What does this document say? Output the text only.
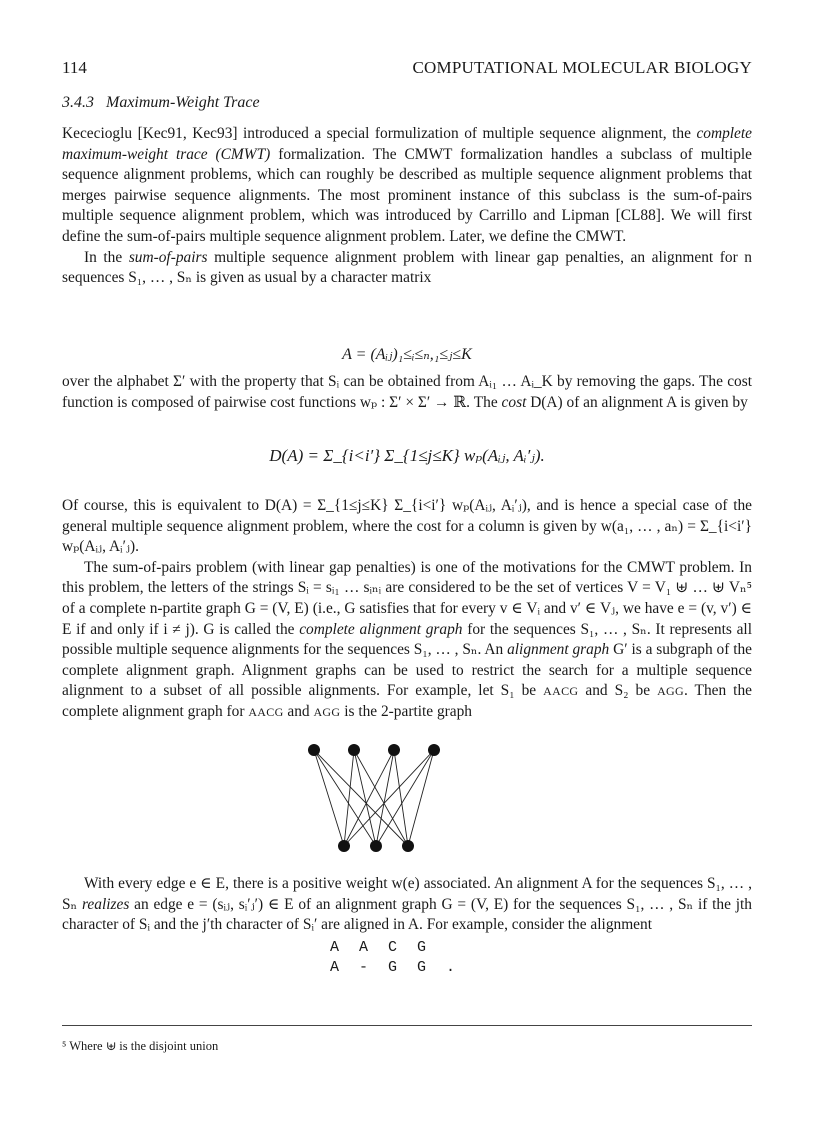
114	COMPUTATIONAL MOLECULAR BIOLOGY
3.4.3 Maximum-Weight Trace

Kececioglu [Kec91, Kec93] introduced a special formulization of multiple sequence alignment, the complete maximum-weight trace (CMWT) formalization. The CMWT formalization handles a subclass of multiple sequence alignment problems, which can roughly be described as multiple sequence alignment problems that merges pairwise sequence alignments. The most prominent instance of this subclass is the sum-of-pairs multiple sequence alignment problem, which was introduced by Carrillo and Lipman [CL88]. We will first define the sum-of-pairs multiple sequence alignment problem. Later, we define the CMWT.

In the sum-of-pairs multiple sequence alignment problem with linear gap penalties, an alignment for n sequences S₁, … , Sₙ is given as usual by a character matrix

A = (Aᵢⱼ)₁≤ᵢ≤ₙ,₁≤ⱼ≤K

over the alphabet Σ′ with the property that Sᵢ can be obtained from Aᵢ₁ … Aᵢ_K by removing the gaps. The cost function is composed of pairwise cost functions wₚ : Σ′ × Σ′ → ℝ. The cost D(A) of an alignment A is given by

D(A) = Σ_{i<i′} Σ_{1≤j≤K} wₚ(Aᵢⱼ, Aᵢ′ⱼ).

Of course, this is equivalent to D(A) = Σ_{1≤j≤K} Σ_{i<i′} wₚ(Aᵢⱼ, Aᵢ′ⱼ), and is hence a special case of the general multiple sequence alignment problem, where the cost for a column is given by w(a₁, … , aₙ) = Σ_{i<i′} wₚ(Aᵢⱼ, Aᵢ′ⱼ).

The sum-of-pairs problem (with linear gap penalties) is one of the motivations for the CMWT problem. In this problem, the letters of the strings Sᵢ = sᵢ₁ … sᵢₙᵢ are considered to be the set of vertices V = V₁ ⊎ … ⊎ Vₙ⁵ of a complete n-partite graph G = (V, E) (i.e., G satisfies that for every v ∈ Vᵢ and v′ ∈ Vⱼ, we have e = (v, v′) ∈ E if and only if i ≠ j). G is called the complete alignment graph for the sequences S₁, … , Sₙ. It represents all possible multiple sequence alignments for the sequences S₁, … , Sₙ. An alignment graph G′ is a subgraph of the complete alignment graph. Alignment graphs can be used to restrict the search for a multiple sequence alignment to a subset of all possible alignments. For example, let S₁ be AACG and S₂ be AGG. Then the complete alignment graph for AACG and AGG is the 2-partite graph

With every edge e ∈ E, there is a positive weight w(e) associated. An alignment A for the sequences S₁, … , Sₙ realizes an edge e = (sᵢⱼ, sᵢ′ⱼ′) ∈ E of an alignment graph G = (V, E) for the sequences S₁, … , Sₙ if the jth character of Sᵢ and the j′th character of Sᵢ′ are aligned in A. For example, consider the alignment

A A C G
A - G G .
⁵ Where ⊎ is the disjoint union
